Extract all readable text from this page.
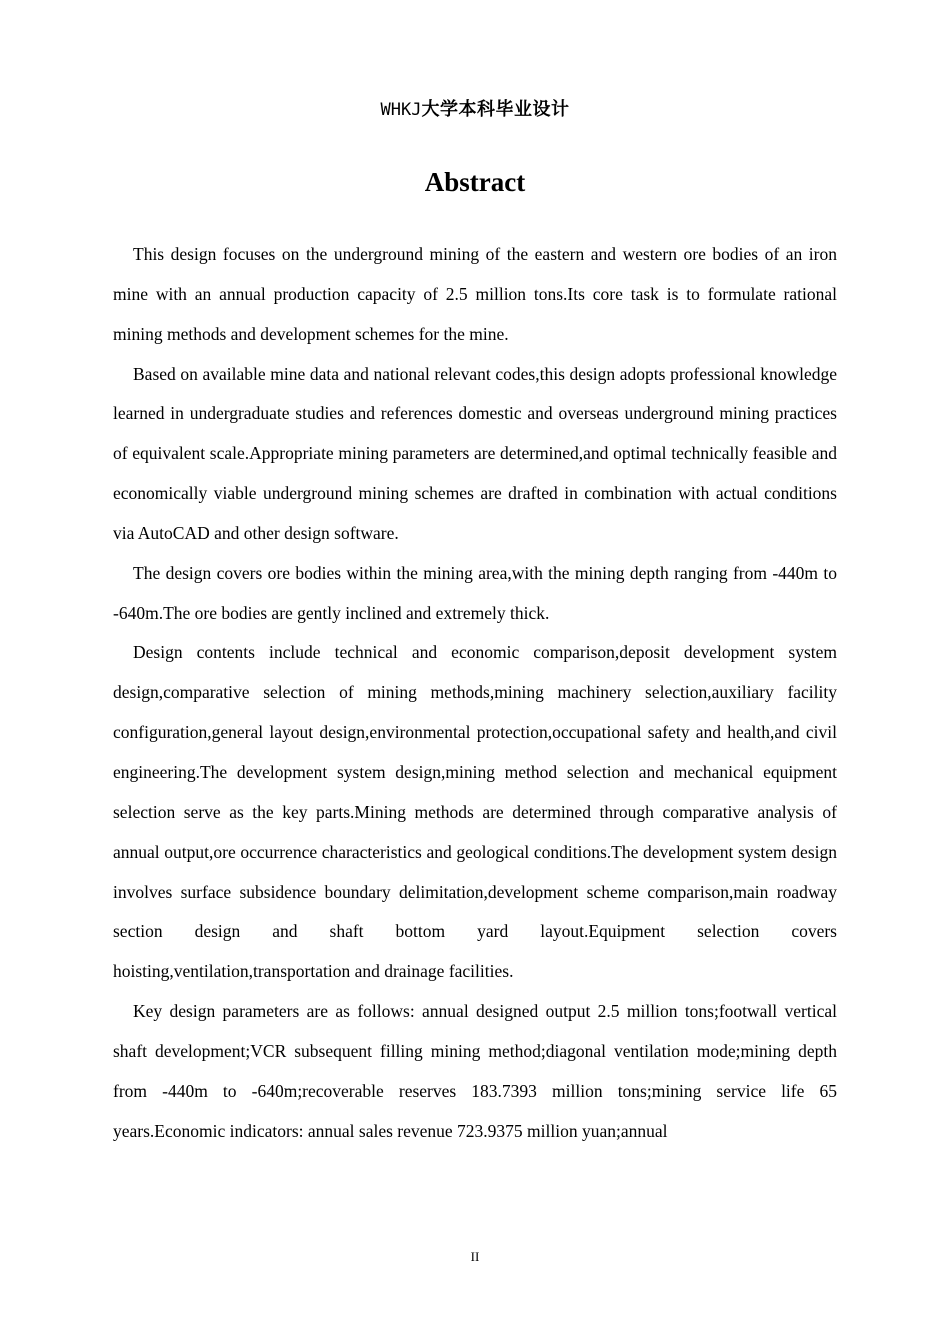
WHKJ大学本科毕业设计
Abstract

This design focuses on the underground mining of the eastern and western ore bodies of an iron mine with an annual production capacity of 2.5 million tons.Its core task is to formulate rational mining methods and development schemes for the mine.

Based on available mine data and national relevant codes,this design adopts professional knowledge learned in undergraduate studies and references domestic and overseas underground mining practices of equivalent scale.Appropriate mining parameters are determined,and optimal technically feasible and economically viable underground mining schemes are drafted in combination with actual conditions via AutoCAD and other design software.

The design covers ore bodies within the mining area,with the mining depth ranging from -440m to -640m.The ore bodies are gently inclined and extremely thick.

Design contents include technical and economic comparison,deposit development system design,comparative selection of mining methods,mining machinery selection,auxiliary facility configuration,general layout design,environmental protection,occupational safety and health,and civil engineering.The development system design,mining method selection and mechanical equipment selection serve as the key parts.Mining methods are determined through comparative analysis of annual output,ore occurrence characteristics and geological conditions.The development system design involves surface subsidence boundary delimitation,development scheme comparison,main roadway section design and shaft bottom yard layout.Equipment selection covers hoisting,ventilation,transportation and drainage facilities.

Key design parameters are as follows: annual designed output 2.5 million tons;footwall vertical shaft development;VCR subsequent filling mining method;diagonal ventilation mode;mining depth from -440m to -640m;recoverable reserves 183.7393 million tons;mining service life 65 years.Economic indicators: annual sales revenue 723.9375 million yuan;annual

II
